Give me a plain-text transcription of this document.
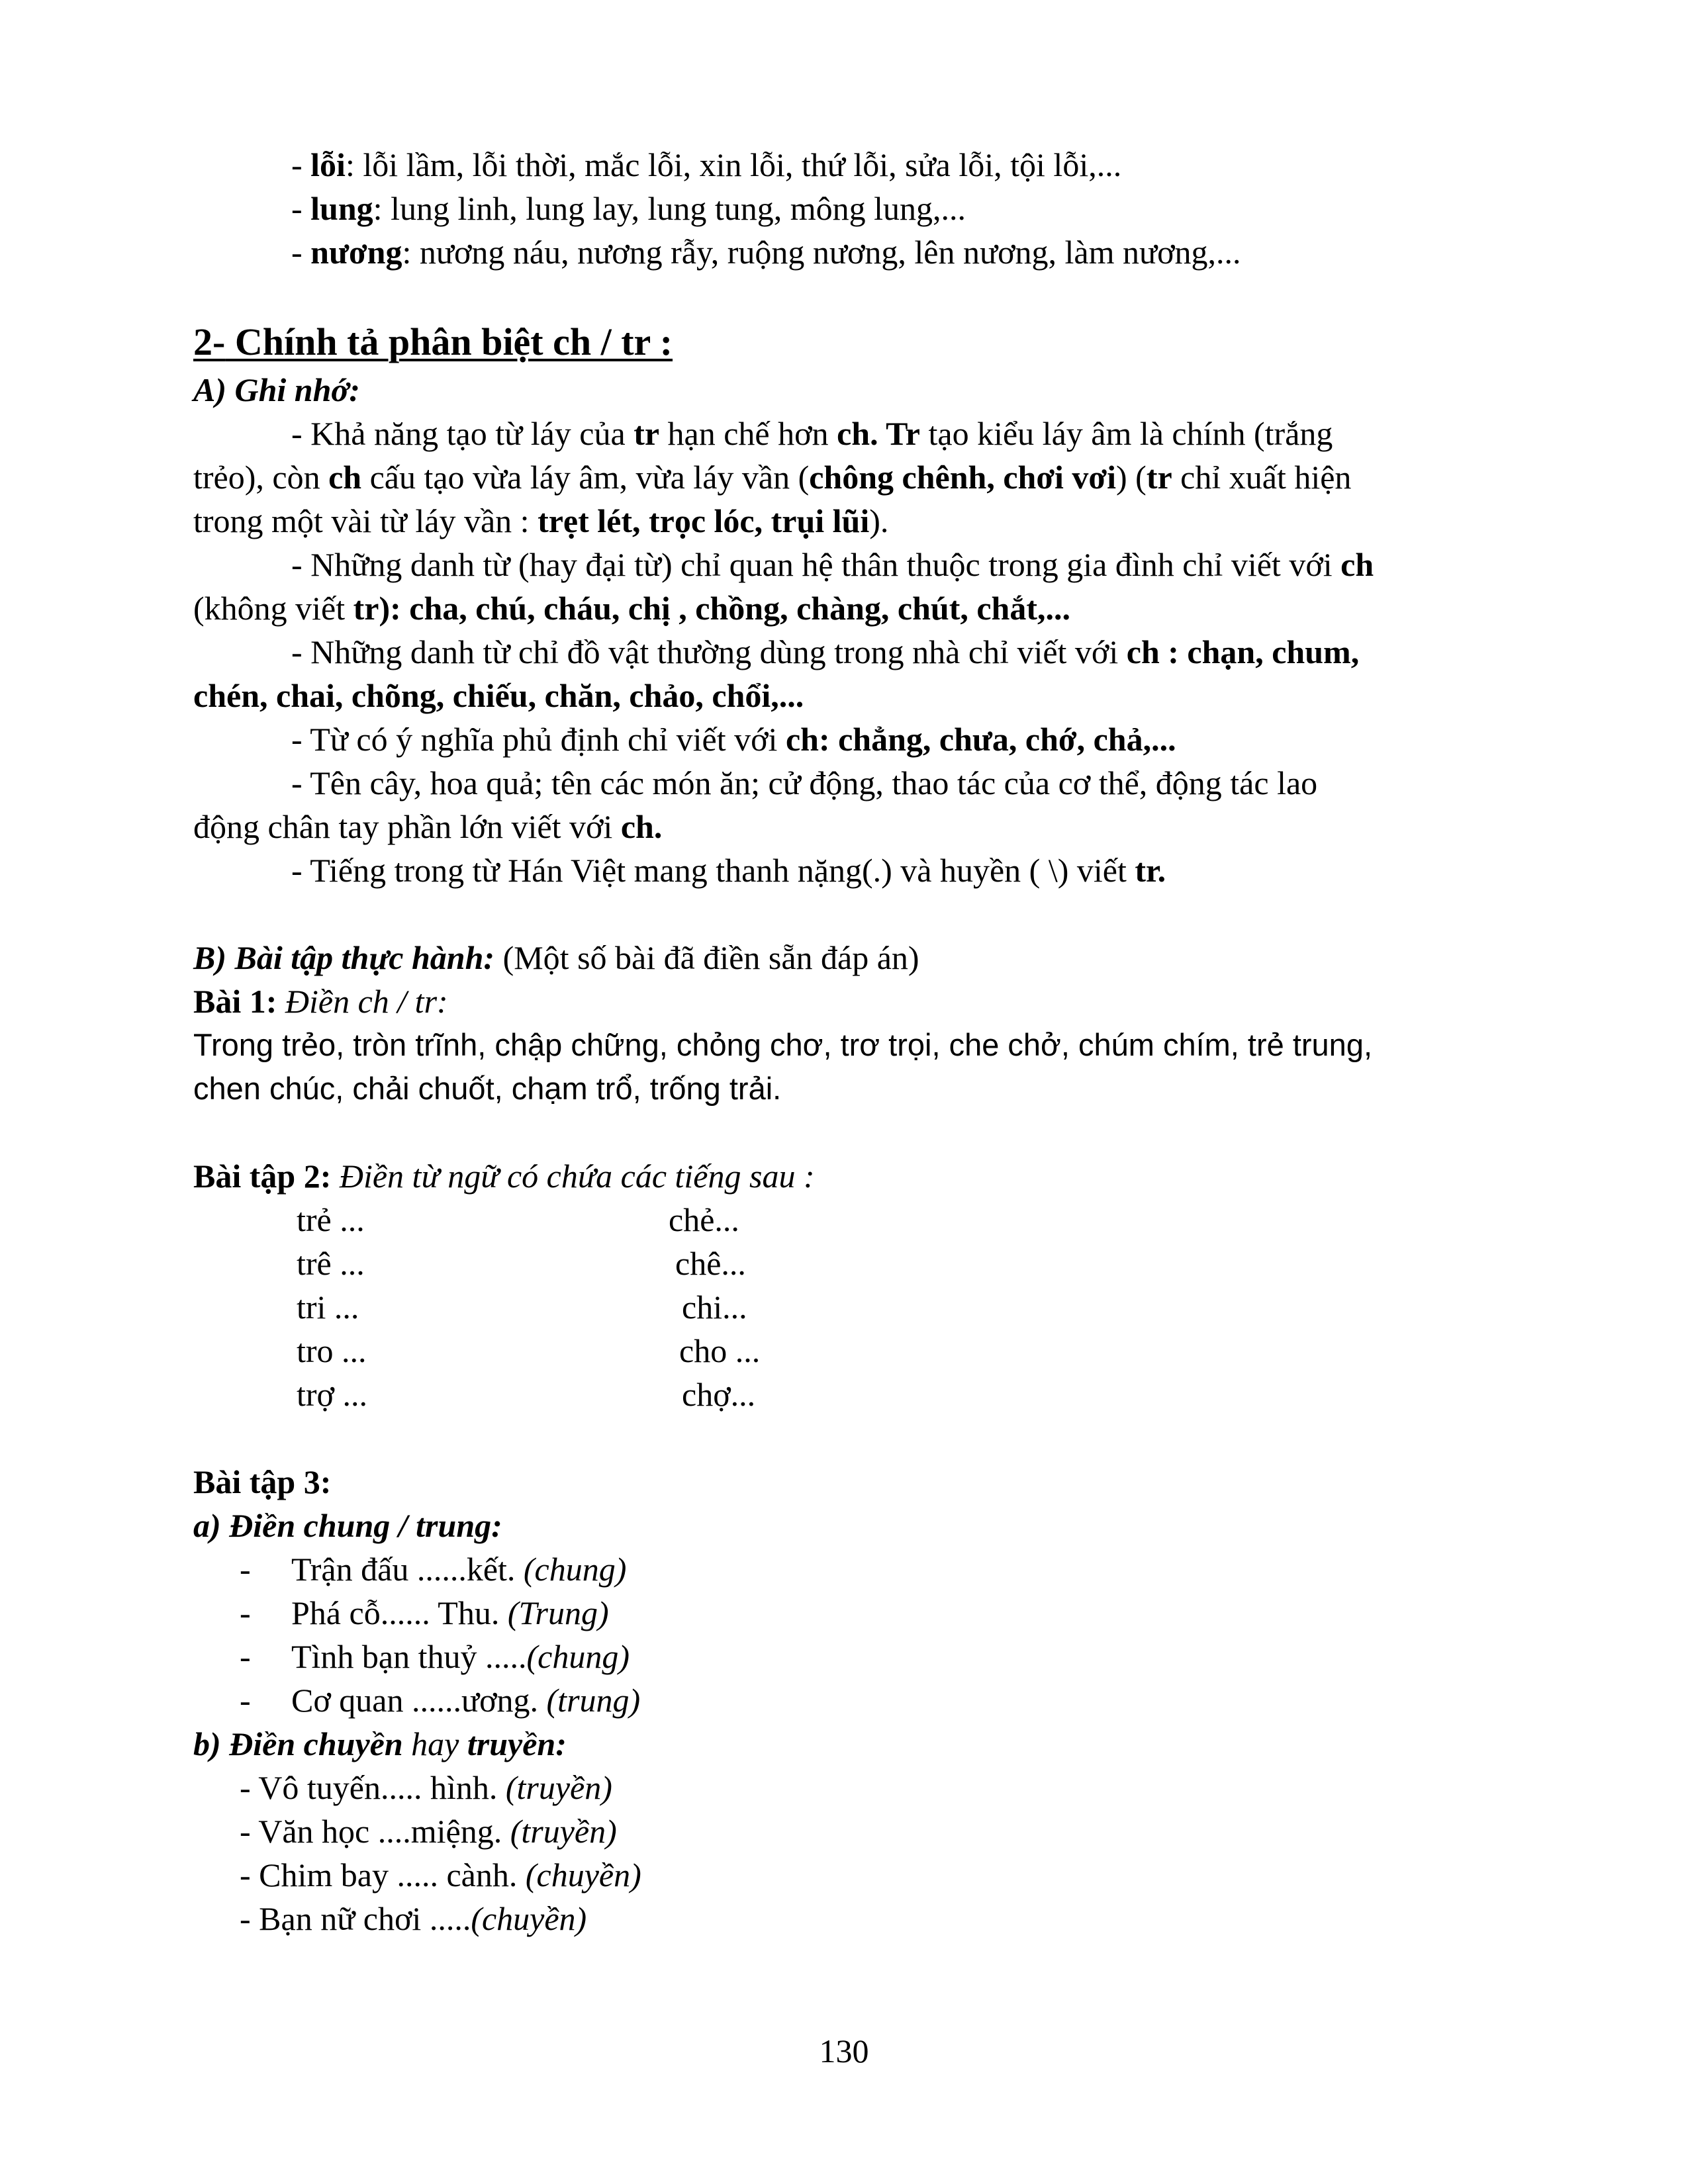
- lỗi: lỗi lầm, lỗi thời, mắc lỗi, xin lỗi, thứ lỗi, sửa lỗi, tội lỗi,...
- lung: lung linh, lung lay, lung tung, mông lung,...
- nương: nương náu, nương rẫy, ruộng nương, lên nương, làm nương,...
2- Chính tả phân biệt ch / tr :
A) Ghi nhớ:
- Khả năng tạo từ láy của tr hạn chế hơn ch. Tr tạo kiểu láy âm là chính (trắng
trẻo), còn ch cấu tạo vừa láy âm, vừa láy vần (chông chênh, chơi vơi) (tr chỉ xuất hiện
trong một vài từ láy vần : trẹt lét, trọc lóc, trụi lũi).
- Những danh từ (hay đại từ) chỉ quan hệ thân thuộc trong gia đình chỉ viết với ch
(không viết tr): cha, chú, cháu, chị , chồng, chàng, chút, chắt,...
- Những danh từ chỉ đồ vật thường dùng trong nhà chỉ viết với ch : chạn, chum,
chén, chai, chõng, chiếu, chăn, chảo, chổi,...
- Từ có ý nghĩa phủ định chỉ viết với ch: chẳng, chưa, chớ, chả,...
- Tên cây, hoa quả; tên các món ăn; cử động, thao tác của cơ thể, động tác lao
động chân tay phần lớn viết với ch.
- Tiếng trong từ Hán Việt mang thanh nặng(.) và huyền ( \) viết tr.
B) Bài tập thực hành: (Một số bài đã điền sẵn đáp án)
Bài 1: Điền ch / tr:
Trong trẻo, tròn trĩnh, chập chững, chỏng chơ, trơ trọi, che chở, chúm chím, trẻ trung,
chen chúc, chải chuốt, chạm trổ, trống trải.
Bài tập 2: Điền từ ngữ có chứa các tiếng sau :
trẻ ...	chẻ...
trê ...	chê...
tri ...	chi...
tro ...	cho ...
trợ ...	chợ...
Bài tập 3:
a) Điền chung / trung:
- Trận đấu ......kết. (chung)
- Phá cỗ...... Thu. (Trung)
- Tình bạn thuỷ .....(chung)
- Cơ quan ......ương. (trung)
b) Điền chuyền hay truyền:
- Vô tuyến..... hình. (truyền)
- Văn học ....miệng. (truyền)
- Chim bay ..... cành. (chuyền)
- Bạn nữ chơi .....(chuyền)
130
